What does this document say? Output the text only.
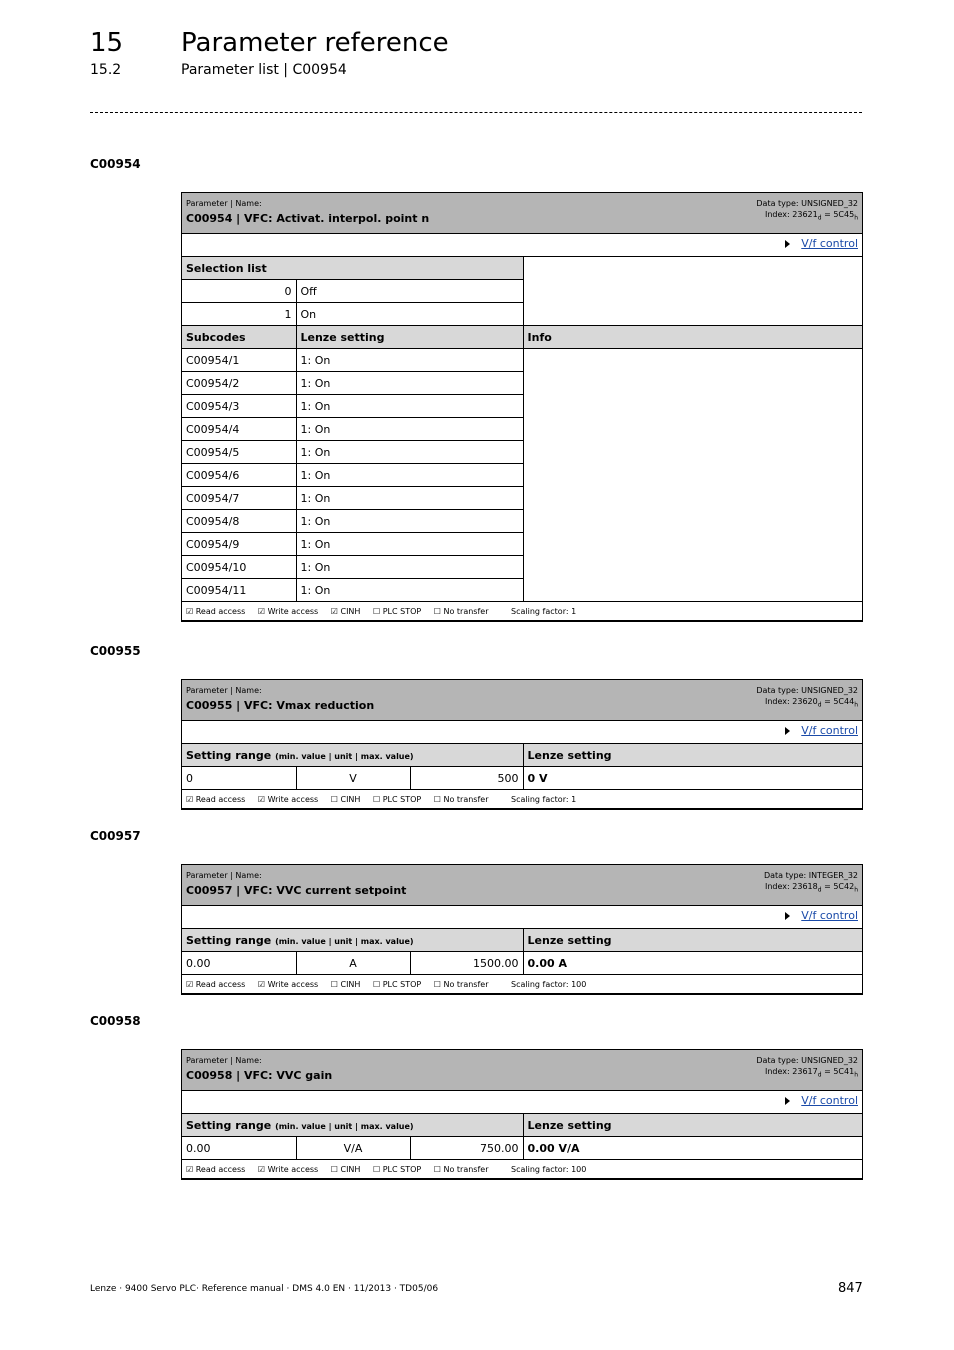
15 Parameter reference
15.2	Parameter list | C00954
C00954
Parameter | Name:
C00954 | VFC: Activat. interpol. point n
Data type: UNSIGNED_32
Index: $23621_d = 5C45_h$
V/f control
Selection list		
0	Off	
1	On	
Subcodes	Lenze setting	Info
C00954/1	1: On	
C00954/2	1: On	
C00954/3	1: On	
C00954/4	1: On	
C00954/5	1: On	
C00954/6	1: On	
C00954/7	1: On	
C00954/8	1: On	
C00954/9	1: On	
C00954/10	1: On	
C00954/11	1: On	
☑ Read access ☑ Write access ☑ CINH ☐ PLC STOP ☐ No transfer Scaling factor: 1		
C00955
Parameter | Name:
C00955 | VFC: Vmax reduction
Data type: UNSIGNED_32
Index: $23620_d = 5C44_h$
V/f control
Setting range (min. value | unit | max. value)			Lenze setting
0	V	500	0 V
☑ Read access ☑ Write access ☐ CINH ☐ PLC STOP ☐ No transfer Scaling factor: 1			
C00957
Parameter | Name:
C00957 | VFC: VVC current setpoint
Data type: INTEGER_32
Index: $23618_d = 5C42_h$
V/f control
Setting range (min. value | unit | max. value)			Lenze setting
0.00	A	1500.00	0.00 A
☑ Read access ☑ Write access ☐ CINH ☐ PLC STOP ☐ No transfer Scaling factor: 100			
C00958
Parameter | Name:
C00958 | VFC: VVC gain
Data type: UNSIGNED_32
Index: $23617_d = 5C41_h$
V/f control
Setting range (min. value | unit | max. value)			Lenze setting
0.00	V/A	750.00	0.00 V/A
☑ Read access ☑ Write access ☐ CINH ☐ PLC STOP ☐ No transfer Scaling factor: 100			
Lenze · 9400 Servo PLC· Reference manual · DMS 4.0 EN · 11/2013 · TD05/06	847
